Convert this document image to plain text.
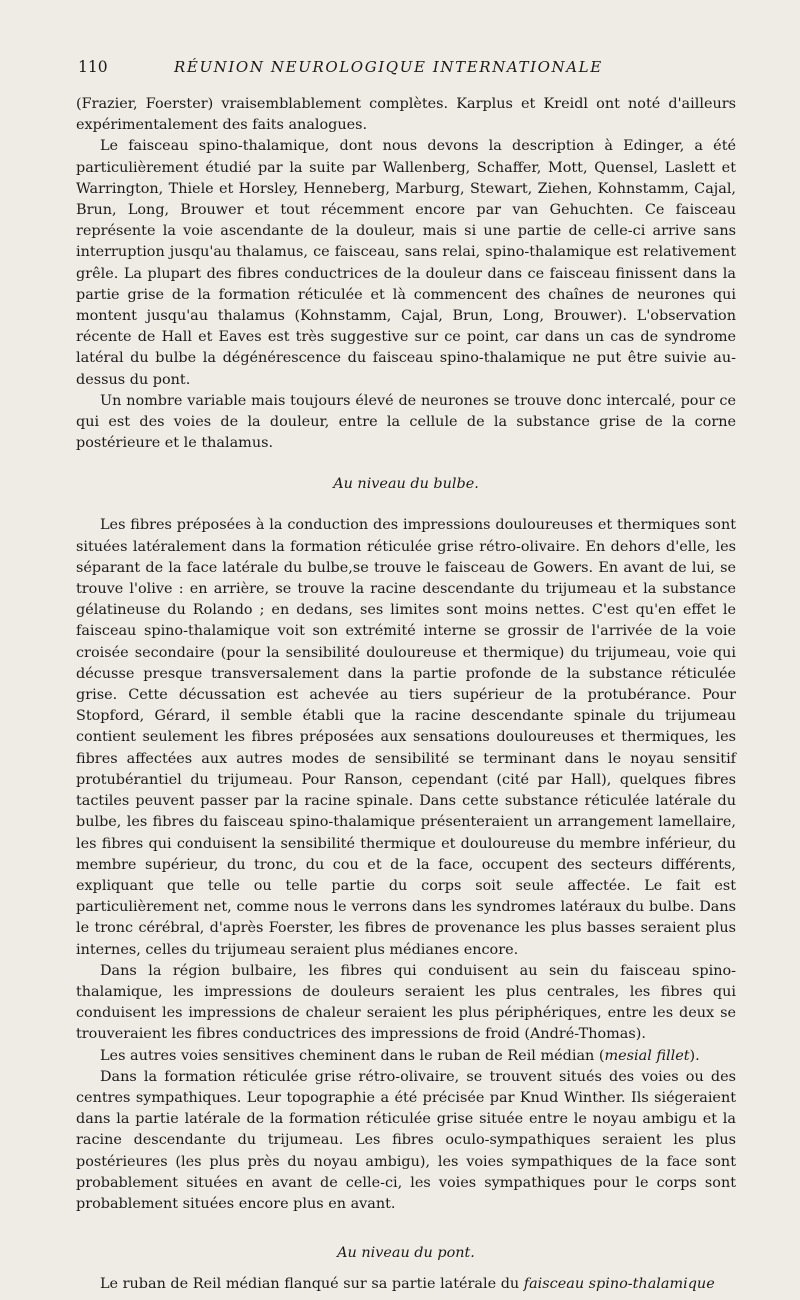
110	RÉUNION NEUROLOGIQUE INTERNATIONALE

(Frazier, Foerster) vraisemblablement complètes. Karplus et Kreidl ont noté d'ailleurs expérimentalement des faits analogues.

Le faisceau spino-thalamique, dont nous devons la description à Edinger, a été particulièrement étudié par la suite par Wallenberg, Schaffer, Mott, Quensel, Laslett et Warrington, Thiele et Horsley, Henneberg, Marburg, Stewart, Ziehen, Kohnstamm, Cajal, Brun, Long, Brouwer et tout récemment encore par van Gehuchten. Ce faisceau représente la voie ascendante de la douleur, mais si une partie de celle-ci arrive sans interruption jusqu'au thalamus, ce faisceau, sans relai, spino-thalamique est relativement grêle. La plupart des fibres conductrices de la douleur dans ce faisceau finissent dans la partie grise de la formation réticulée et là commencent des chaînes de neurones qui montent jusqu'au thalamus (Kohnstamm, Cajal, Brun, Long, Brouwer). L'observation récente de Hall et Eaves est très suggestive sur ce point, car dans un cas de syndrome latéral du bulbe la dégénérescence du faisceau spino-thalamique ne put être suivie au-dessus du pont.

Un nombre variable mais toujours élevé de neurones se trouve donc intercalé, pour ce qui est des voies de la douleur, entre la cellule de la substance grise de la corne postérieure et le thalamus.

Au niveau du bulbe.

Les fibres préposées à la conduction des impressions douloureuses et thermiques sont situées latéralement dans la formation réticulée grise rétro-olivaire. En dehors d'elle, les séparant de la face latérale du bulbe,se trouve le faisceau de Gowers. En avant de lui, se trouve l'olive : en arrière, se trouve la racine descendante du trijumeau et la substance gélatineuse du Rolando ; en dedans, ses limites sont moins nettes. C'est qu'en effet le faisceau spino-thalamique voit son extrémité interne se grossir de l'arrivée de la voie croisée secondaire (pour la sensibilité douloureuse et thermique) du trijumeau, voie qui décusse presque transversalement dans la partie profonde de la substance réticulée grise. Cette décussation est achevée au tiers supérieur de la protubérance. Pour Stopford, Gérard, il semble établi que la racine descendante spinale du trijumeau contient seulement les fibres préposées aux sensations douloureuses et thermiques, les fibres affectées aux autres modes de sensibilité se terminant dans le noyau sensitif protubérantiel du trijumeau. Pour Ranson, cependant (cité par Hall), quelques fibres tactiles peuvent passer par la racine spinale. Dans cette substance réticulée latérale du bulbe, les fibres du faisceau spino-thalamique présenteraient un arrangement lamellaire, les fibres qui conduisent la sensibilité thermique et douloureuse du membre inférieur, du membre supérieur, du tronc, du cou et de la face, occupent des secteurs différents, expliquant que telle ou telle partie du corps soit seule affectée. Le fait est particulièrement net, comme nous le verrons dans les syndromes latéraux du bulbe. Dans le tronc cérébral, d'après Foerster, les fibres de provenance les plus basses seraient plus internes, celles du trijumeau seraient plus médianes encore.

Dans la région bulbaire, les fibres qui conduisent au sein du faisceau spino-thalamique, les impressions de douleurs seraient les plus centrales, les fibres qui conduisent les impressions de chaleur seraient les plus périphériques, entre les deux se trouveraient les fibres conductrices des impressions de froid (André-Thomas).

Les autres voies sensitives cheminent dans le ruban de Reil médian (mesial fillet).

Dans la formation réticulée grise rétro-olivaire, se trouvent situés des voies ou des centres sympathiques. Leur topographie a été précisée par Knud Winther. Ils siégeraient dans la partie latérale de la formation réticulée grise située entre le noyau ambigu et la racine descendante du trijumeau. Les fibres oculo-sympathiques seraient les plus postérieures (les plus près du noyau ambigu), les voies sympathiques de la face sont probablement situées en avant de celle-ci, les voies sympathiques pour le corps sont probablement situées encore plus en avant.

Au niveau du pont.

Le ruban de Reil médian flanqué sur sa partie latérale du faisceau spino-thalamique
